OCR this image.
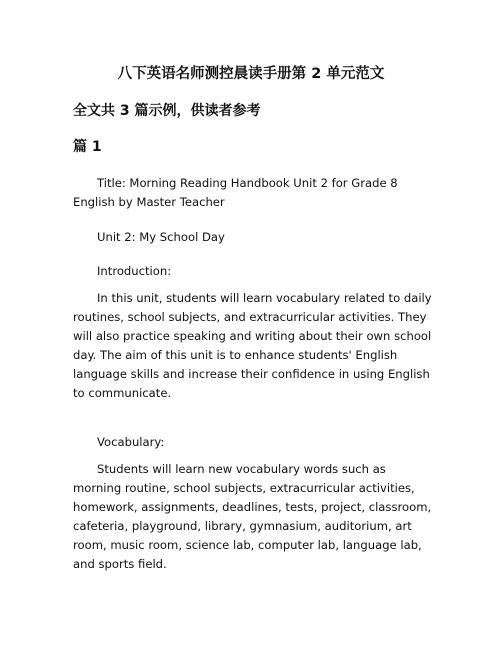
八下英语名师测控晨读手册第 2 单元范文
全文共 3 篇示例，供读者参考
篇 1

Title: Morning Reading Handbook Unit 2 for Grade 8 English by Master Teacher

Unit 2: My School Day

Introduction:

In this unit, students will learn vocabulary related to daily routines, school subjects, and extracurricular activities. They will also practice speaking and writing about their own school day. The aim of this unit is to enhance students' English language skills and increase their confidence in using English to communicate.

Vocabulary:

Students will learn new vocabulary words such as morning routine, school subjects, extracurricular activities, homework, assignments, deadlines, tests, project, classroom, cafeteria, playground, library, gymnasium, auditorium, art room, music room, science lab, computer lab, language lab, and sports field.
